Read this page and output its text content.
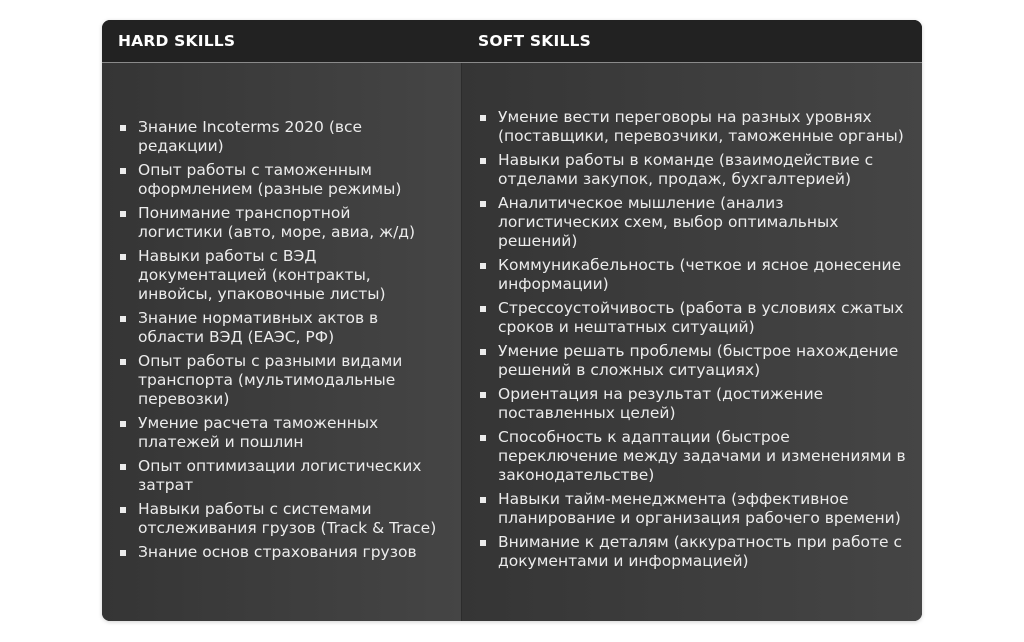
HARD SKILLS	SOFT SKILLS
Знание Incoterms 2020 (все редакции)
Опыт работы с таможенным оформлением (разные режимы)
Понимание транспортной логистики (авто, море, авиа, ж/д)
Навыки работы с ВЭД документацией (контракты, инвойсы, упаковочные листы)
Знание нормативных актов в области ВЭД (ЕАЭС, РФ)
Опыт работы с разными видами транспорта (мультимодальные перевозки)
Умение расчета таможенных платежей и пошлин
Опыт оптимизации логистических затрат
Навыки работы с системами отслеживания грузов (Track & Trace)
Знание основ страхования грузов
Умение вести переговоры на разных уровнях (поставщики, перевозчики, таможенные органы)
Навыки работы в команде (взаимодействие с отделами закупок, продаж, бухгалтерией)
Аналитическое мышление (анализ логистических схем, выбор оптимальных решений)
Коммуникабельность (четкое и ясное донесение информации)
Стрессоустойчивость (работа в условиях сжатых сроков и нештатных ситуаций)
Умение решать проблемы (быстрое нахождение решений в сложных ситуациях)
Ориентация на результат (достижение поставленных целей)
Способность к адаптации (быстрое переключение между задачами и изменениями в законодательстве)
Навыки тайм-менеджмента (эффективное планирование и организация рабочего времени)
Внимание к деталям (аккуратность при работе с документами и информацией)
